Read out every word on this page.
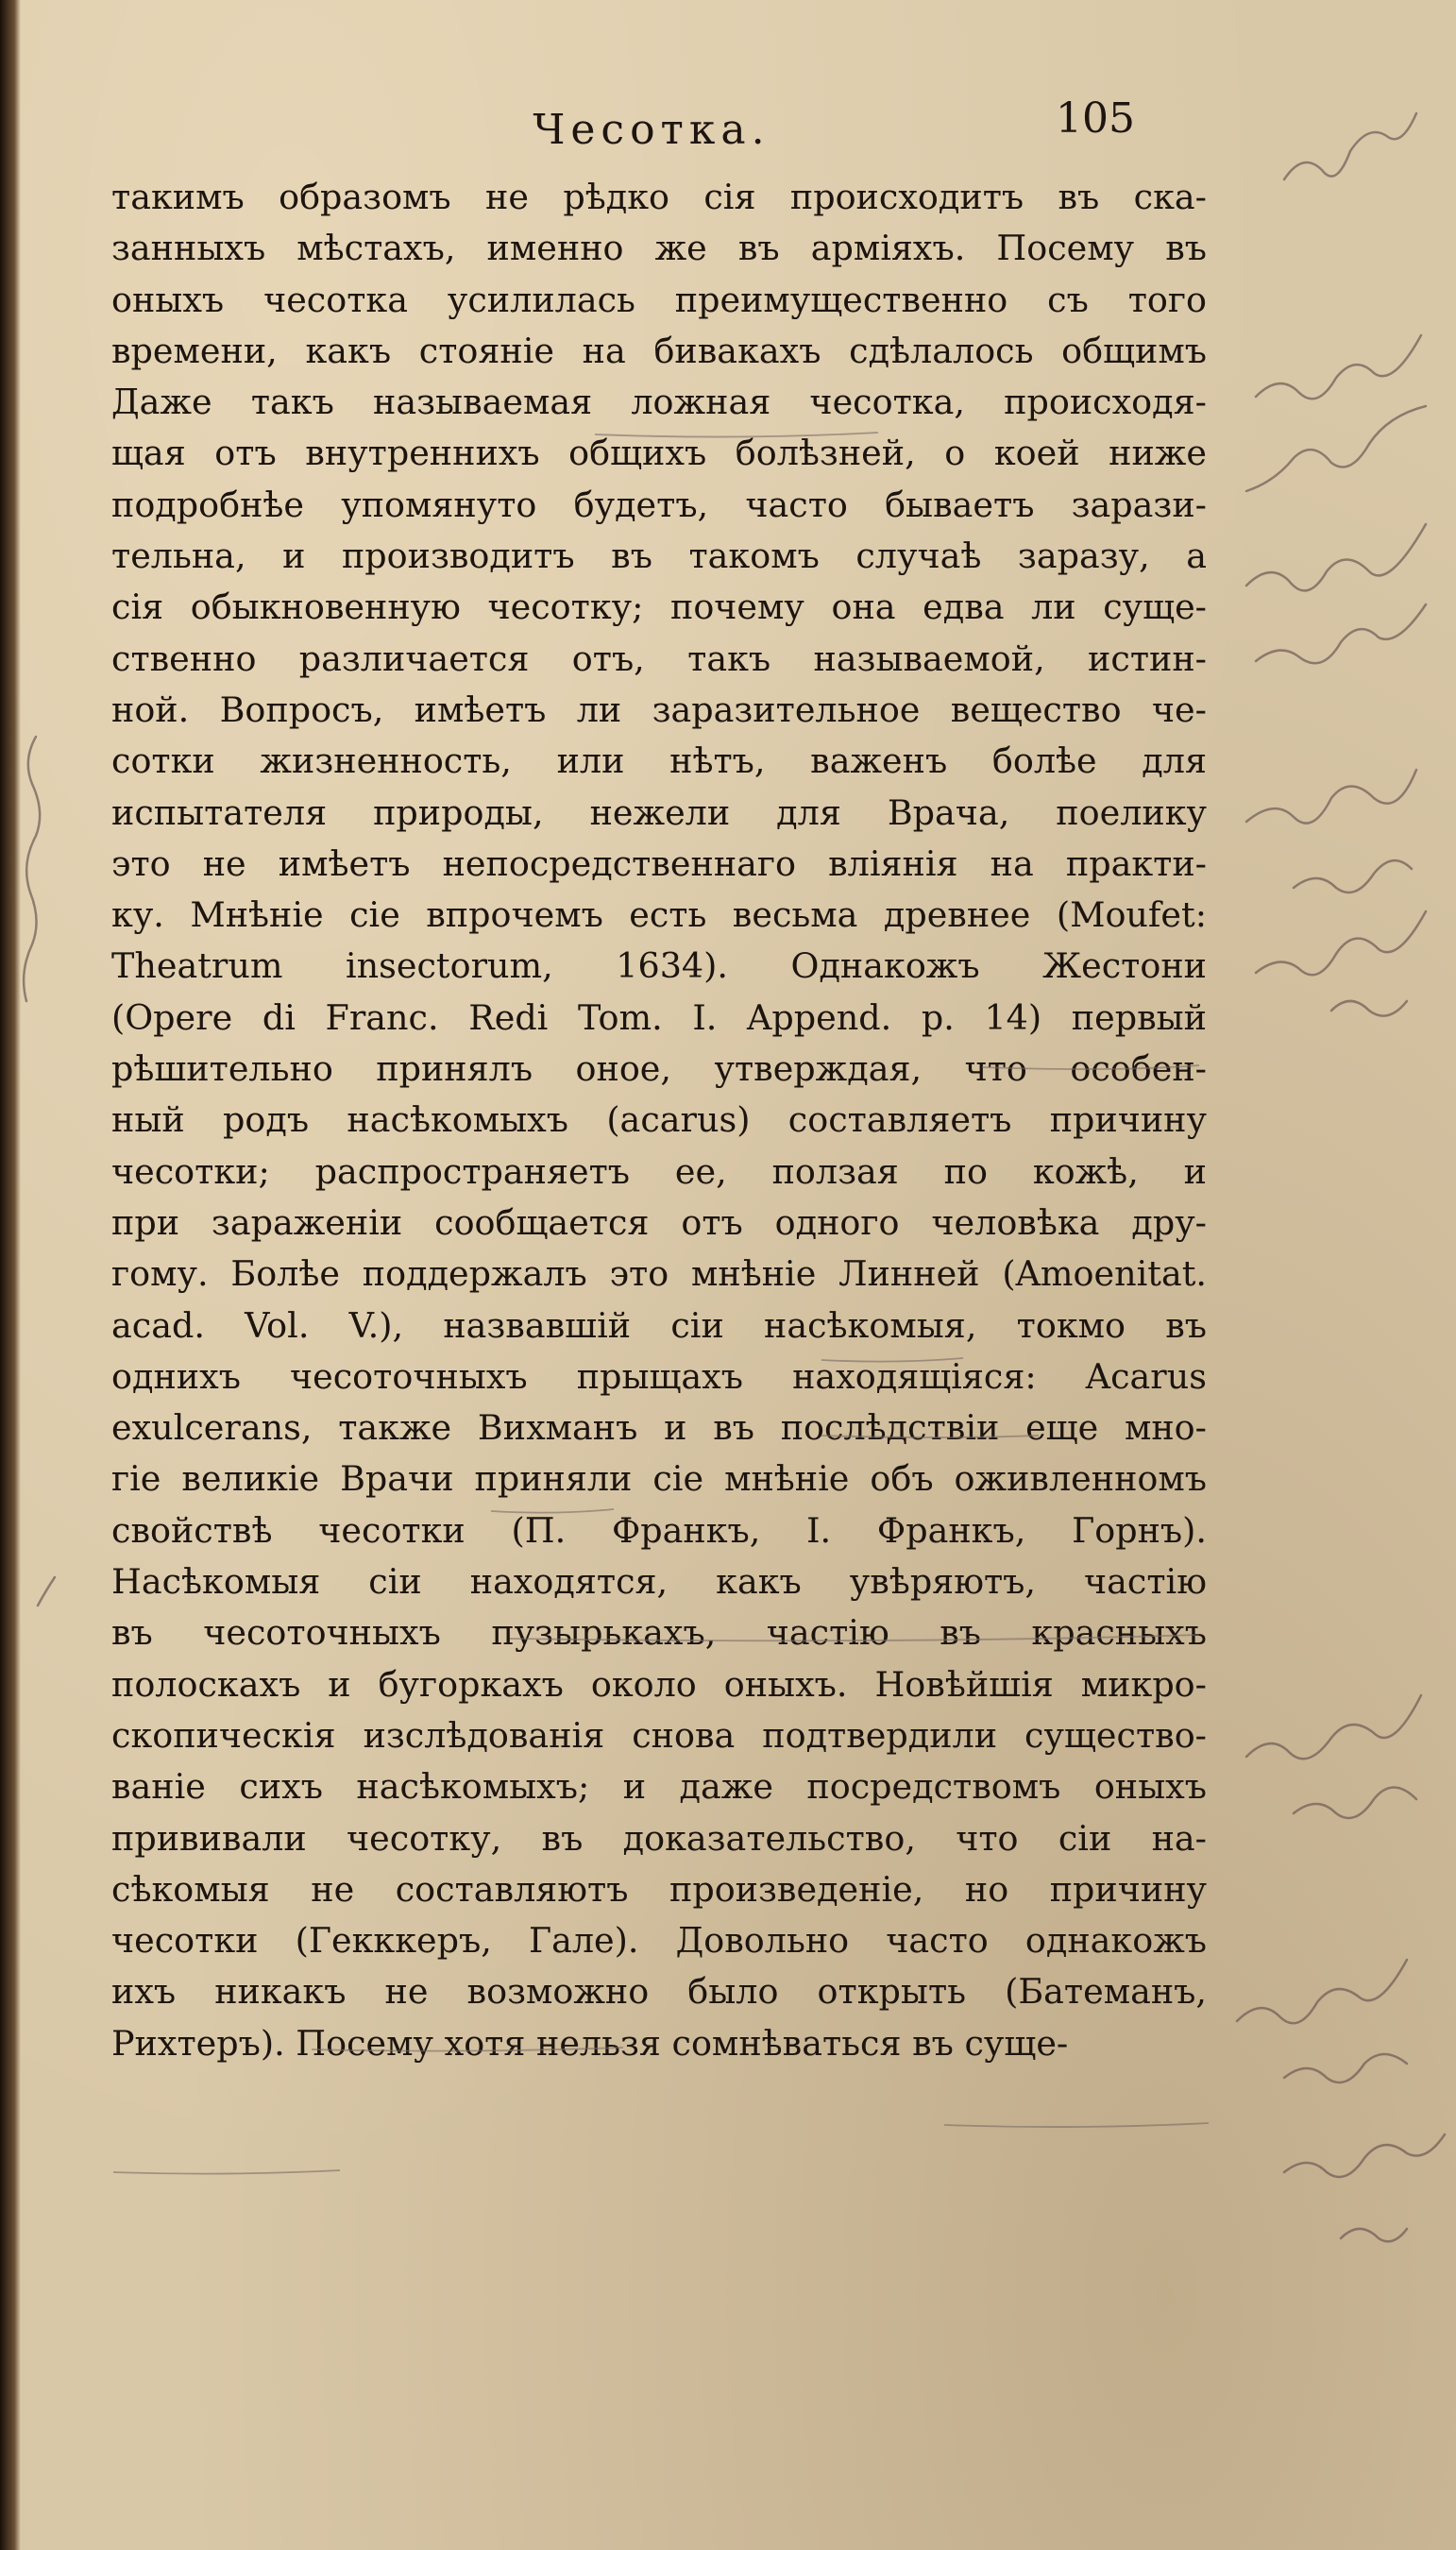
Чесотка.	105
такимъ образомъ не рѣдко сія происходитъ въ ска-
занныхъ мѣстахъ, именно же въ арміяхъ. Посему въ
оныхъ чесотка усилилась преимущественно съ того
времени, какъ стояніе на бивакахъ сдѣлалось общимъ
Даже такъ называемая ложная чесотка, происходя-
щая отъ внутреннихъ общихъ болѣзней, о коей ниже
подробнѣе упомянуто будетъ, часто бываетъ зарази-
тельна, и производитъ въ такомъ случаѣ заразу, а
сія обыкновенную чесотку; почему она едва ли суще-
ственно различается отъ, такъ называемой, истин-
ной. Вопросъ, имѣетъ ли заразительное вещество че-
сотки жизненность, или нѣтъ, важенъ болѣе для
испытателя природы, нежели для Врача, поелику
это не имѣетъ непосредственнаго вліянія на практи-
ку. Мнѣніе сіе впрочемъ есть весьма древнее (Moufet:
Theatrum insectorum, 1634). Однакожъ Жестони
(Opere di Franc. Redi Tom. I. Append. p. 14) первый
рѣшительно принялъ оное, утверждая, что особен-
ный родъ насѣкомыхъ (acarus) составляетъ причину
чесотки; распространяетъ ее, ползая по кожѣ, и
при зараженіи сообщается отъ одного человѣка дру-
гому. Болѣе поддержалъ это мнѣніе Линней (Amoenitat.
acad. Vol. V.), назвавшій сіи насѣкомыя, токмо въ
однихъ чесоточныхъ прыщахъ находящіяся: Acarus
exulcerans, также Вихманъ и въ послѣдствіи еще мно-
гіе великіе Врачи приняли сіе мнѣніе объ оживленномъ
свойствѣ чесотки (П. Франкъ, І. Франкъ, Горнъ).
Насѣкомыя сіи находятся, какъ увѣряютъ, частію
въ чесоточныхъ пузырькахъ, частію въ красныхъ
полоскахъ и бугоркахъ около оныхъ. Новѣйшія микро-
скопическія изслѣдованія снова подтвердили существо-
ваніе сихъ насѣкомыхъ; и даже посредствомъ оныхъ
прививали чесотку, въ доказательство, что сіи на-
сѣкомыя не составляютъ произведеніе, но причину
чесотки (Гекккеръ, Гале). Довольно часто однакожъ
ихъ никакъ не возможно было открыть (Батеманъ,
Рихтеръ). Посему хотя нельзя сомнѣваться въ суще-
